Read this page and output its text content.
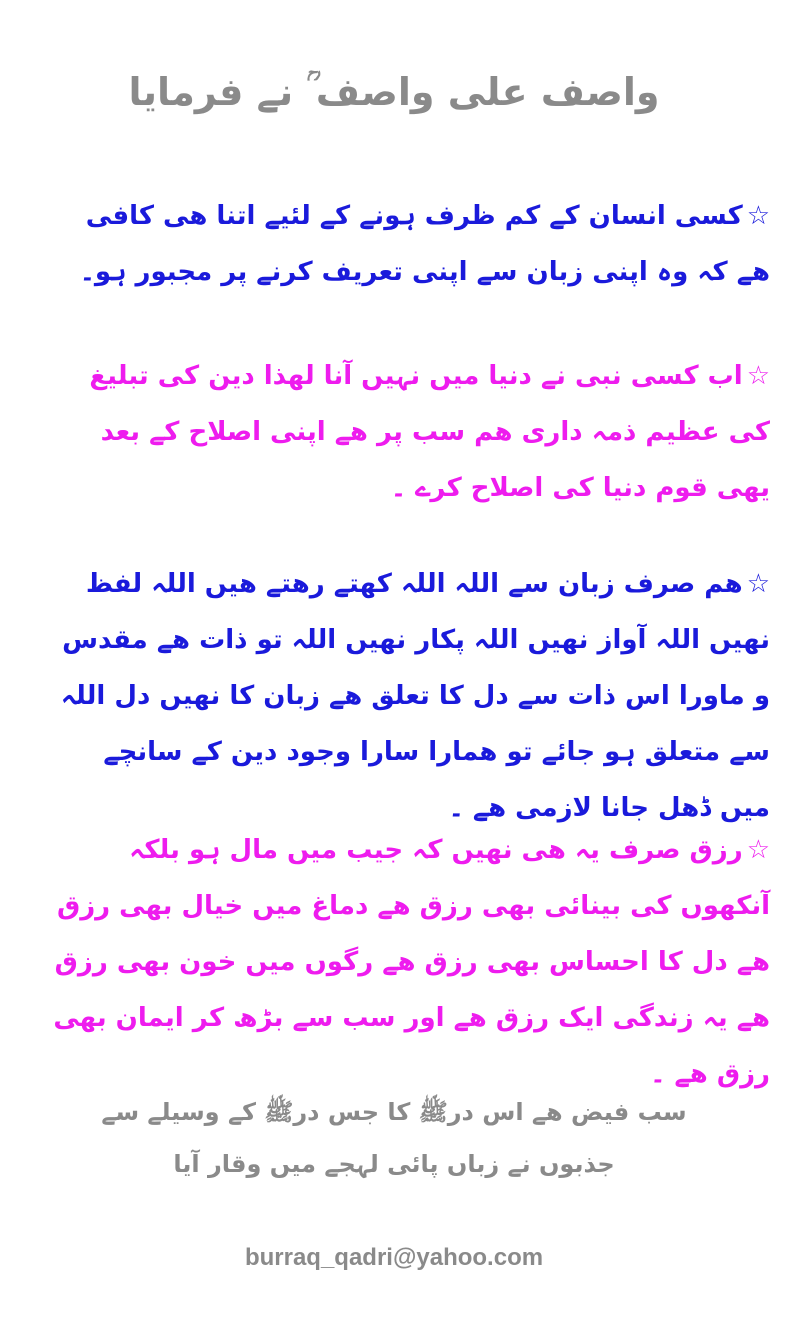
واصف علی واصف ؒ نے فرمایا

☆کسی انسان کے کم ظرف ہونے کے لئیے اتنا ھی کافی ھے کہ وہ اپنی زبان سے اپنی تعریف کرنے پر مجبور ہو۔

☆اب کسی نبی نے دنیا میں نہیں آنا لھذا دین کی تبلیغ کی عظیم ذمہ داری ھم سب پر ھے اپنی اصلاح کے بعد یھی قوم دنیا کی اصلاح کرے ۔

☆ھم صرف زبان سے اللہ اللہ کھتے رھتے ھیں اللہ لفظ نھیں اللہ آواز نھیں اللہ پکار نھیں اللہ تو ذات ھے مقدس و ماورا اس ذات سے دل کا تعلق ھے زبان کا نھیں دل اللہ سے متعلق ہو جائے تو ھمارا سارا وجود دین کے سانچے میں ڈھل جانا لازمی ھے ۔

☆رزق صرف یہ ھی نھیں کہ جیب میں مال ہو بلکہ آنکھوں کی بینائی بھی رزق ھے دماغ میں خیال بھی رزق ھے دل کا احساس بھی رزق ھے رگوں میں خون بھی رزق ھے یہ زندگی ایک رزق ھے اور سب سے بڑھ کر ایمان بھی رزق ھے ۔

سب فیض ھے اس درﷺ کا جس درﷺ کے وسیلے سے
جذبوں نے زباں پائی لہجے میں وقار آیا
burraq_qadri@yahoo.com
